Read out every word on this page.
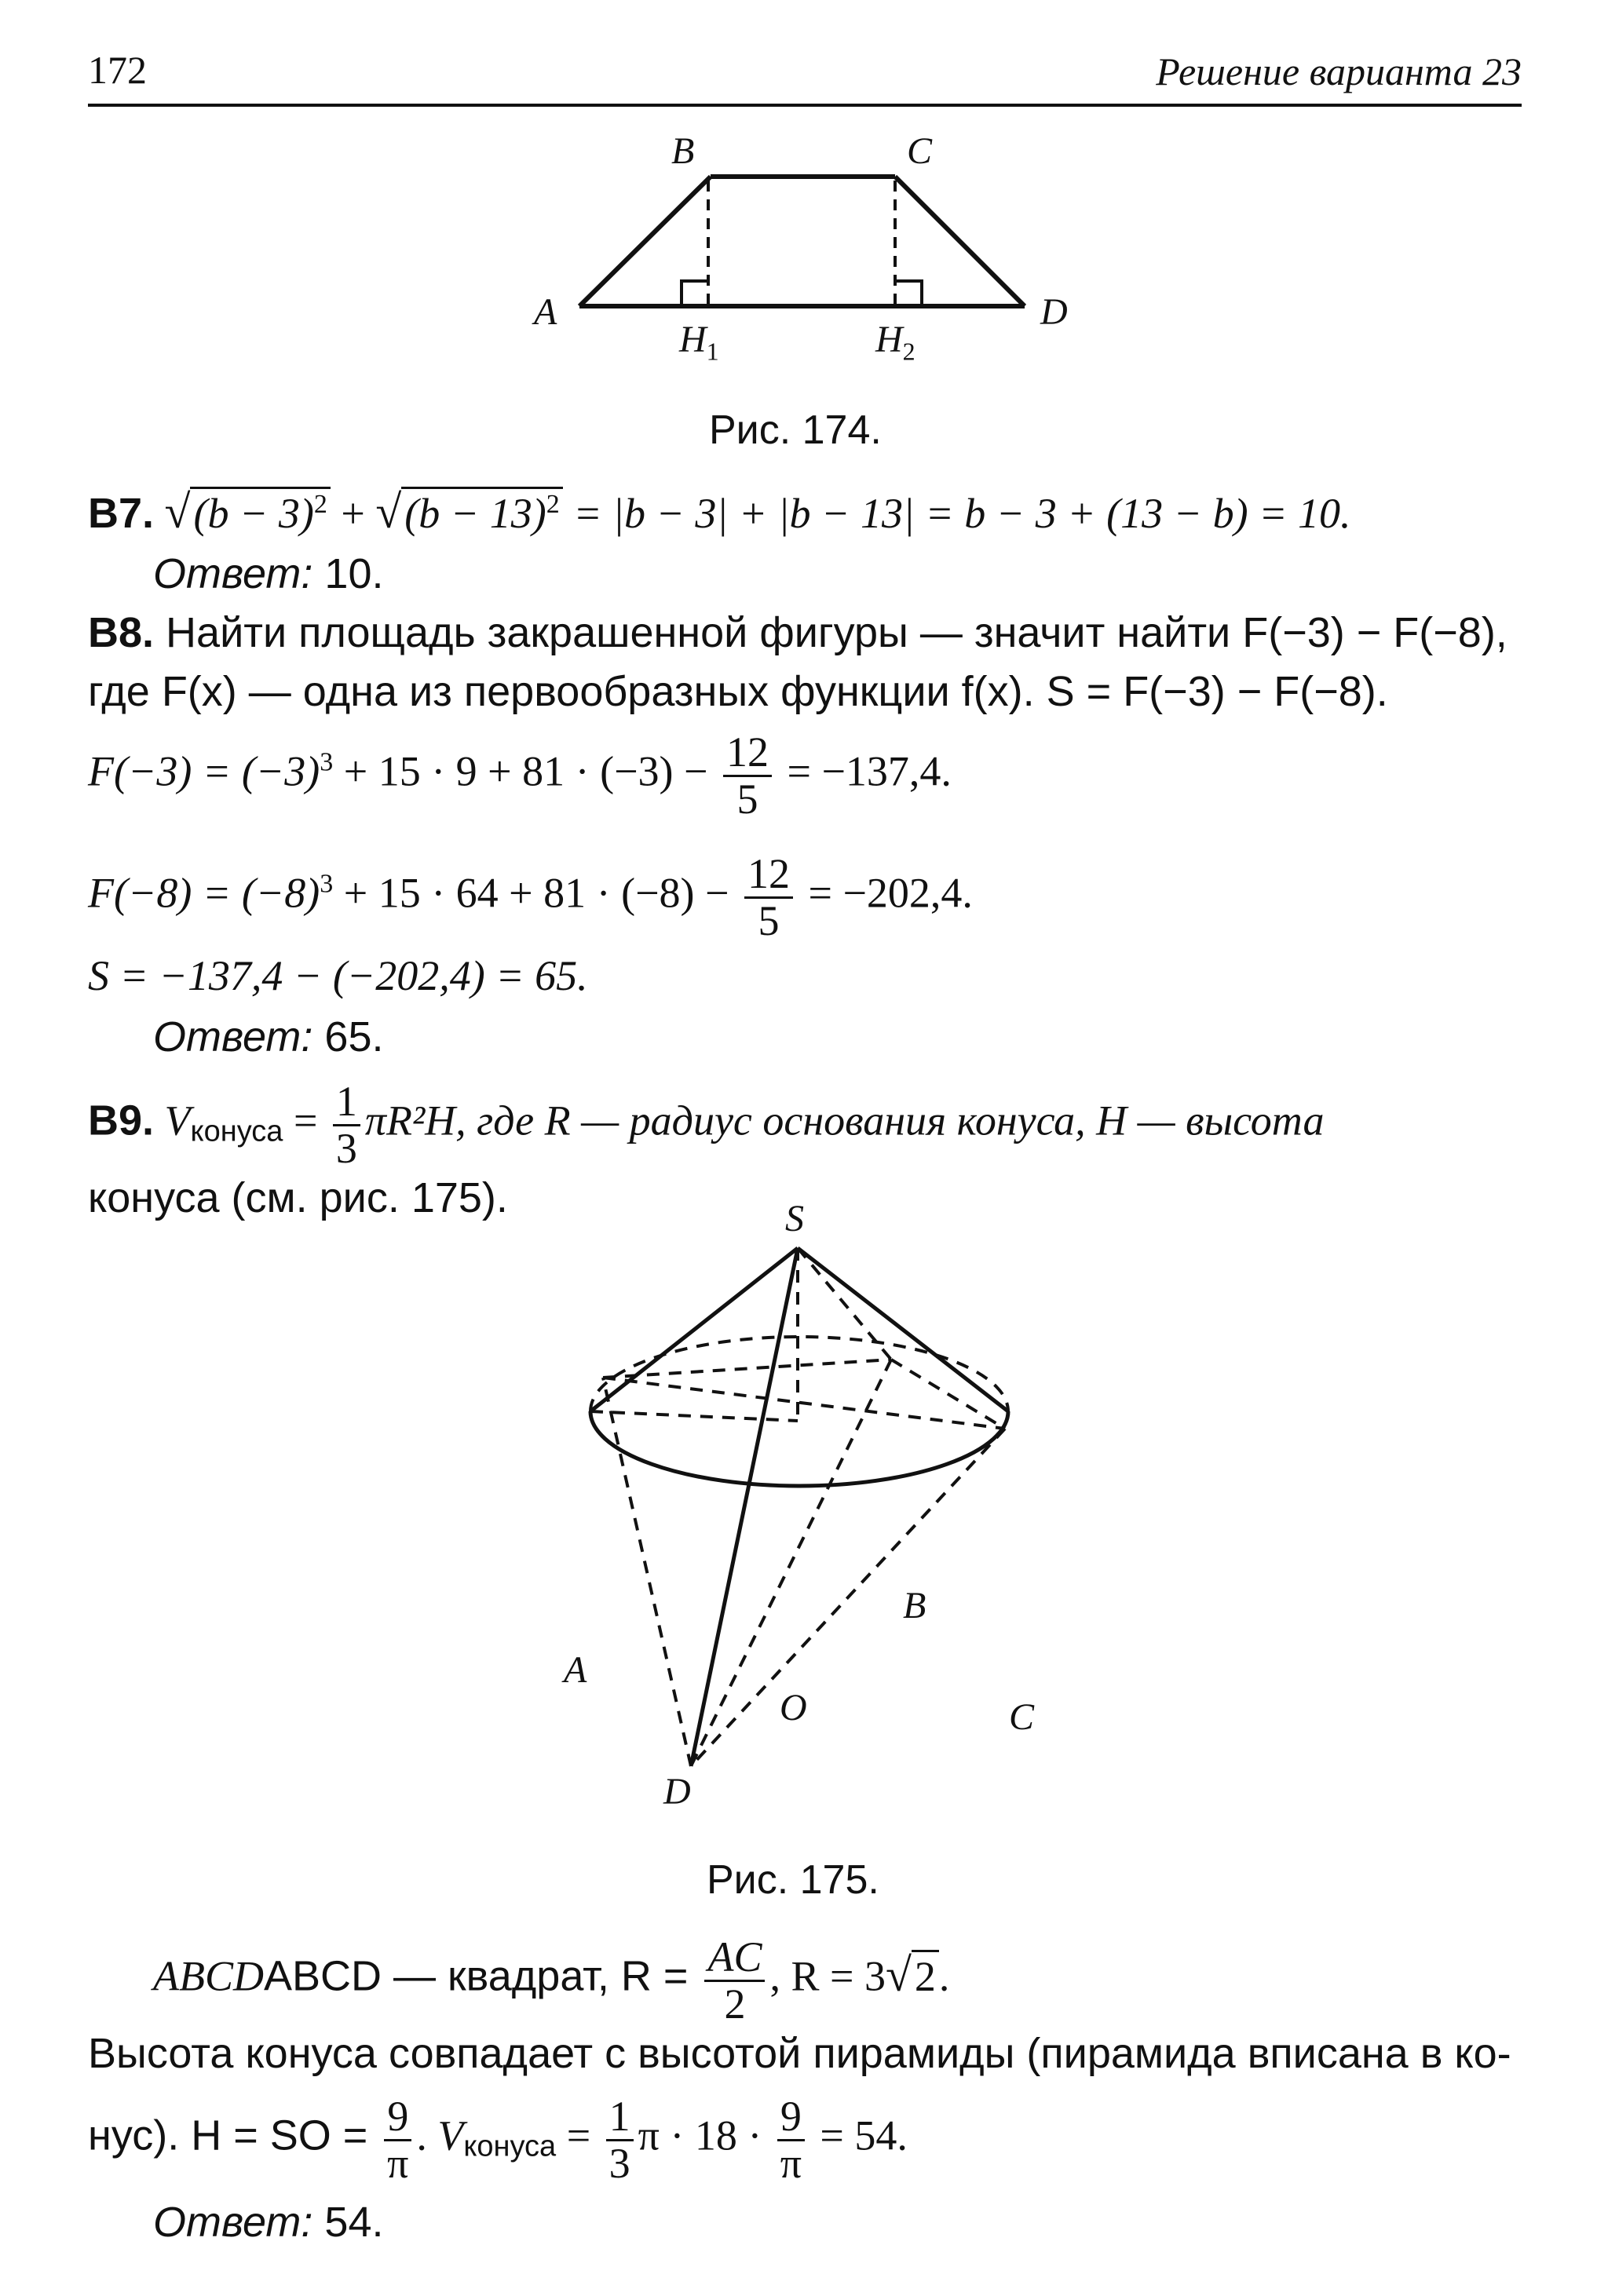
172	Решение варианта 23
B	C
A	D
$H_1$	$H_2$
Рис. 174.
B7. $√(b - 3)^2 + √(b - 13)^2 = |b - 3| + |b - 13| = b - 3 + (13 - b) = 10$.
Ответ: 10.
B8. Найти площадь закрашенной фигуры — значит найти F(−3) − F(−8),
где F(x) — одна из первообразных функции f(x). S = F(−3) − F(−8).
$F(-3) = (-3)^3 + 15 \cdot 9 + 81 \cdot (-3) - \frac{12}{5} = -137,4$.
$F(-8) = (-8)^3 + 15 \cdot 64 + 81 \cdot (-8) - \frac{12}{5} = -202,4$.
S = −137,4 − (−202,4) = 65.
Ответ: 65.
B9. Vконуса = $\frac{1}{3} \pi R^2H$, где R — радиус основания конуса, H — высота
конуса (см. рис. 175).	S
A
B
C
D
O
Рис. 175.
ABCDABCD — квадрат, $R = \frac{AC}{2}$ , R = 3√2.
Высота конуса совпадает с высотой пирамиды (пирамида вписана в ко-
нус). H = SO = $\frac{9}{\pi}$ . Vконуса = $\frac{1}{3}$ $\pi \cdot 18 \cdot \frac{9}{\pi} = 54$.
Ответ: 54.
